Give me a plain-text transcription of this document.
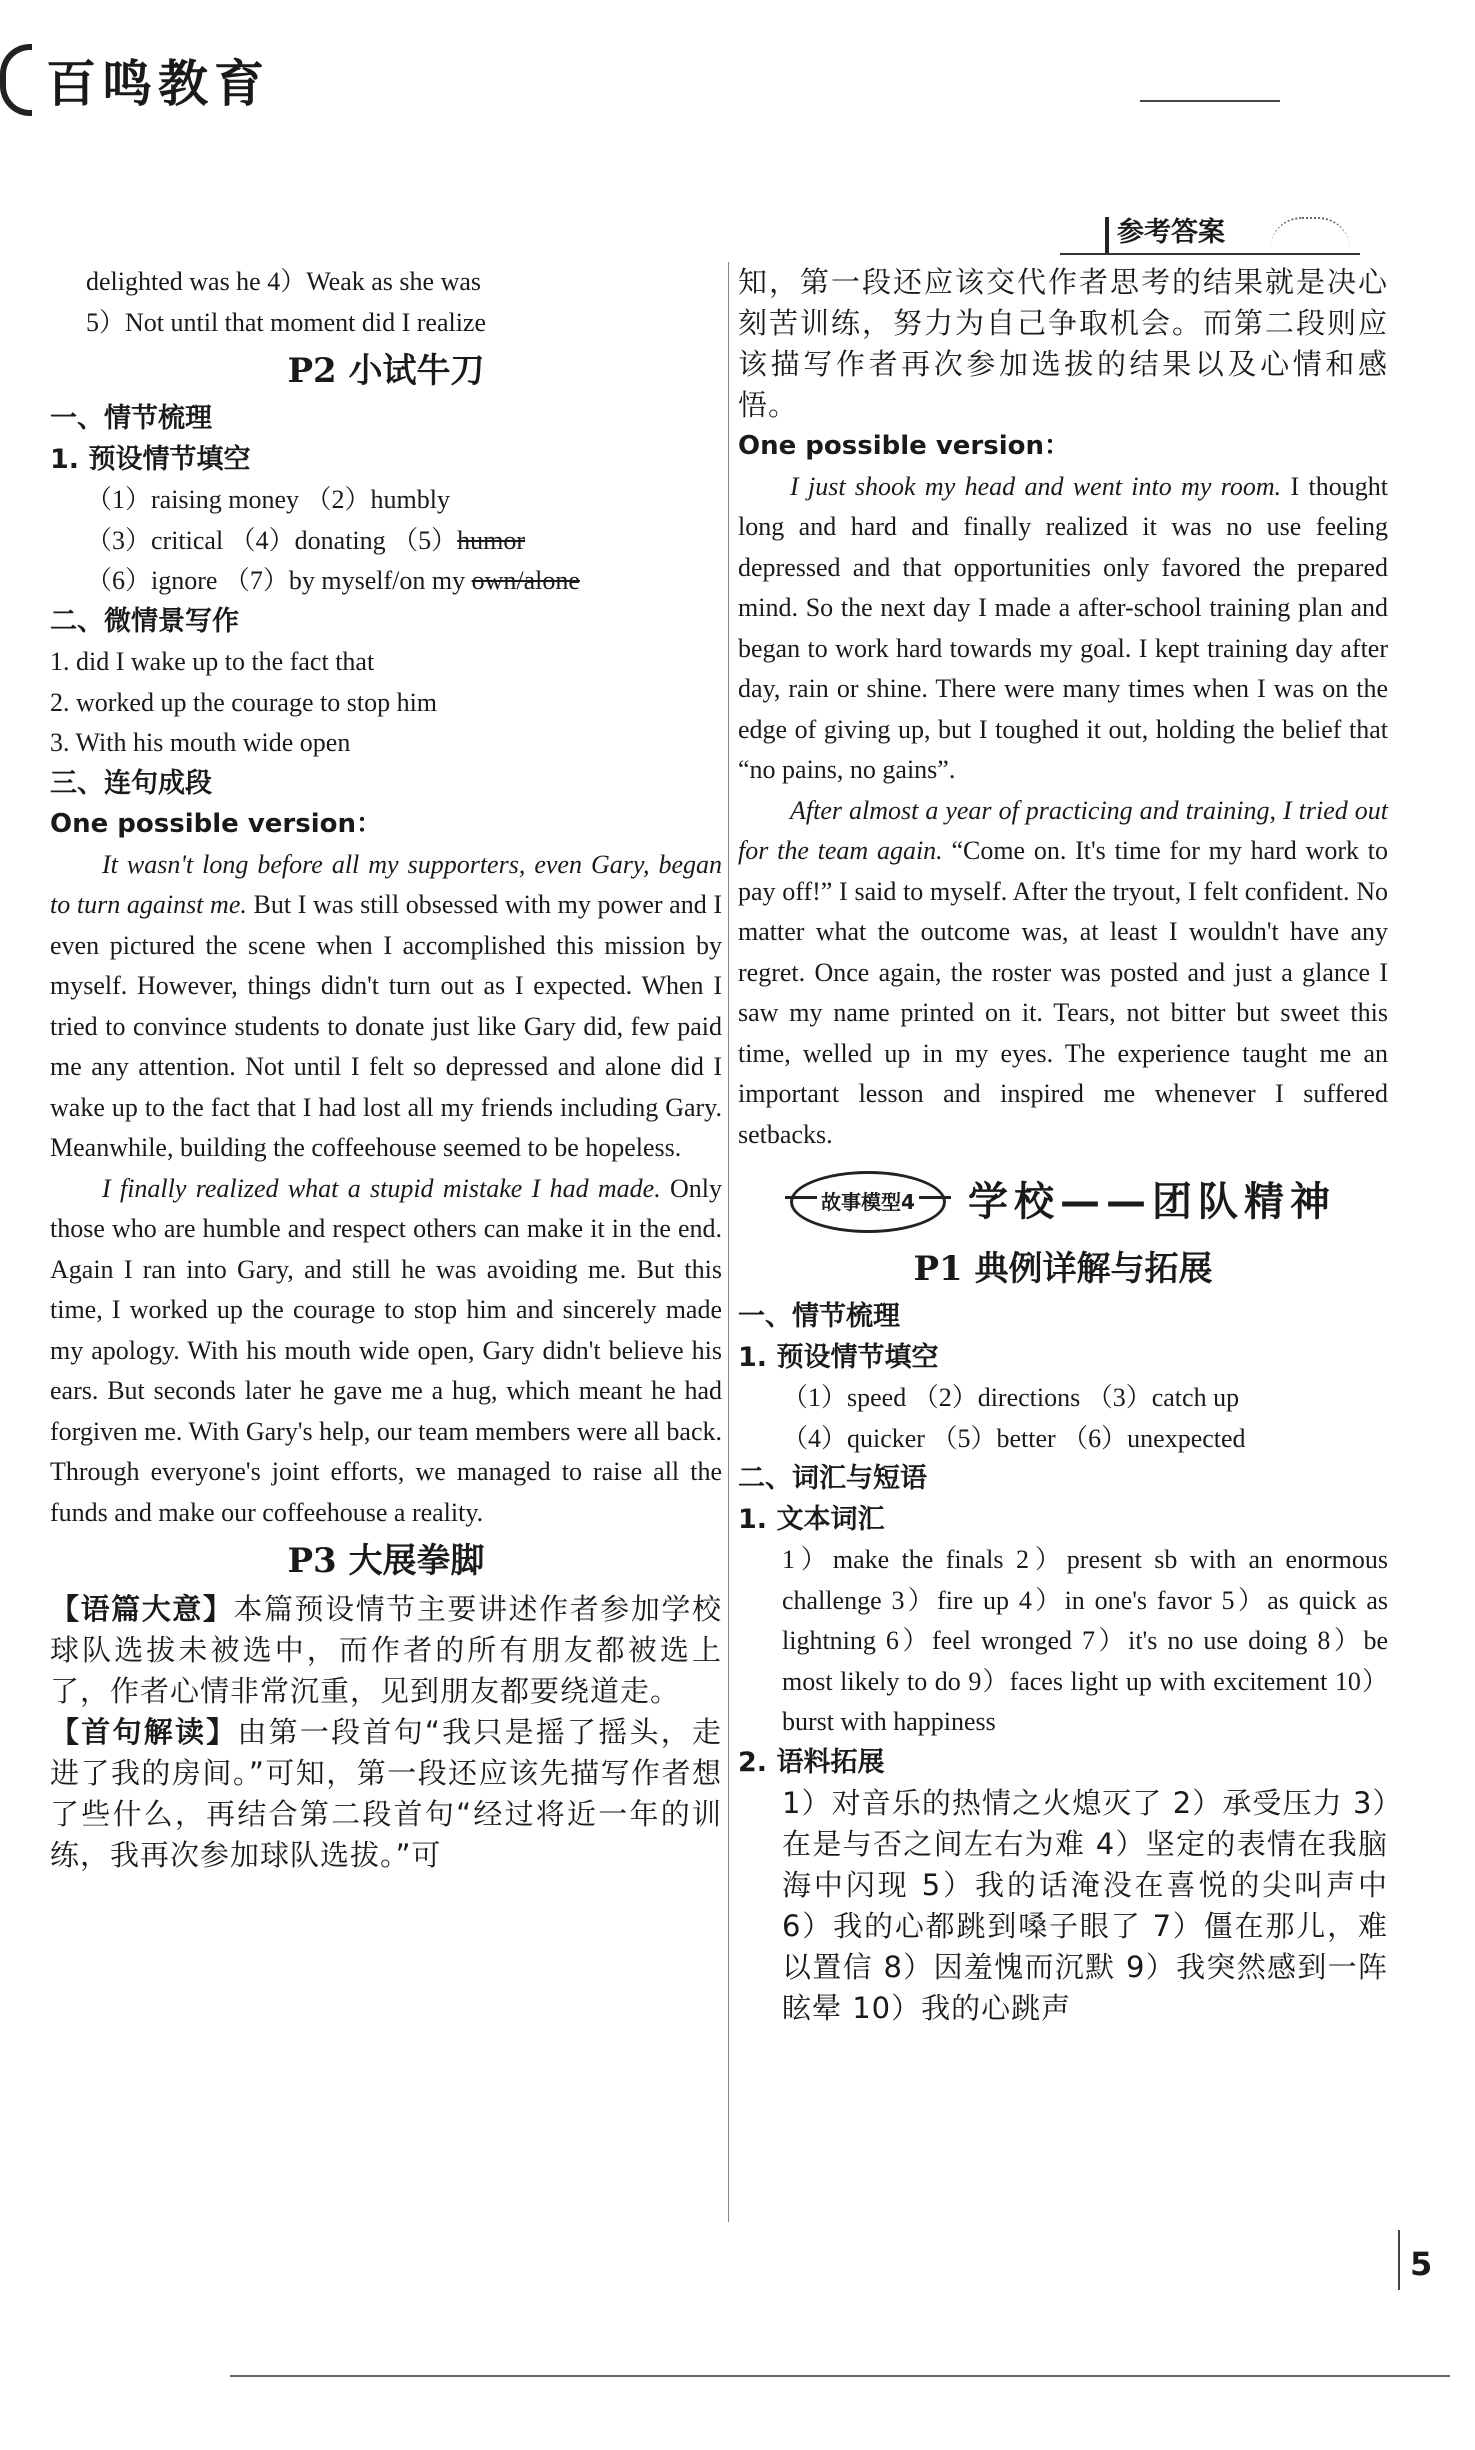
百鸣教育
参考答案
delighted was he 4）Weak as she was
5）Not until that moment did I realize
P2 小试牛刀
一、情节梳理
1. 预设情节填空
（1）raising money （2）humbly
（3）critical （4）donating （5）humor
（6）ignore （7）by myself/on my own/alone
二、微情景写作
1. did I wake up to the fact that
2. worked up the courage to stop him
3. With his mouth wide open
三、连句成段
One possible version：

It wasn't long before all my supporters, even Gary, began to turn against me. But I was still obsessed with my power and I even pictured the scene when I accomplished this mission by myself. However, things didn't turn out as I expected. When I tried to convince students to donate just like Gary did, few paid me any attention. Not until I felt so depressed and alone did I wake up to the fact that I had lost all my friends including Gary. Meanwhile, building the coffeehouse seemed to be hopeless.

I finally realized what a stupid mistake I had made. Only those who are humble and respect others can make it in the end. Again I ran into Gary, and still he was avoiding me. But this time, I worked up the courage to stop him and sincerely made my apology. With his mouth wide open, Gary didn't believe his ears. But seconds later he gave me a hug, which meant he had forgiven me. With Gary's help, our team members were all back. Through everyone's joint efforts, we managed to raise all the funds and make our coffeehouse a reality.

P3 大展拳脚

【语篇大意】本篇预设情节主要讲述作者参加学校球队选拔未被选中，而作者的所有朋友都被选上了，作者心情非常沉重，见到朋友都要绕道走。

【首句解读】由第一段首句“我只是摇了摇头，走进了我的房间。”可知，第一段还应该先描写作者想了些什么，再结合第二段首句“经过将近一年的训练，我再次参加球队选拔。”可

知，第一段还应该交代作者思考的结果就是决心刻苦训练，努力为自己争取机会。而第二段则应该描写作者再次参加选拔的结果以及心情和感悟。

One possible version：

I just shook my head and went into my room. I thought long and hard and finally realized it was no use feeling depressed and that opportunities only favored the prepared mind. So the next day I made a after-school training plan and began to work hard towards my goal. I kept training day after day, rain or shine. There were many times when I was on the edge of giving up, but I toughed it out, holding the belief that “no pains, no gains”.

After almost a year of practicing and training, I tried out for the team again. “Come on. It's time for my hard work to pay off!” I said to myself. After the tryout, I felt confident. No matter what the outcome was, at least I wouldn't have any regret. Once again, the roster was posted and just a glance I saw my name printed on it. Tears, not bitter but sweet this time, welled up in my eyes. The experience taught me an important lesson and inspired me whenever I suffered setbacks.

故事模型4 学校——团队精神
P1 典例详解与拓展
一、情节梳理
1. 预设情节填空
（1）speed （2）directions （3）catch up
（4）quicker （5）better （6）unexpected
二、词汇与短语
1. 文本词汇

1）make the finals 2）present sb with an enormous challenge 3）fire up 4）in one's favor 5）as quick as lightning 6）feel wronged 7）it's no use doing 8）be most likely to do 9）faces light up with excitement 10）burst with happiness

2. 语料拓展

1）对音乐的热情之火熄灭了 2）承受压力 3）在是与否之间左右为难 4）坚定的表情在我脑海中闪现 5）我的话淹没在喜悦的尖叫声中 6）我的心都跳到嗓子眼了 7）僵在那儿，难以置信 8）因羞愧而沉默 9）我突然感到一阵眩晕 10）我的心跳声

5
